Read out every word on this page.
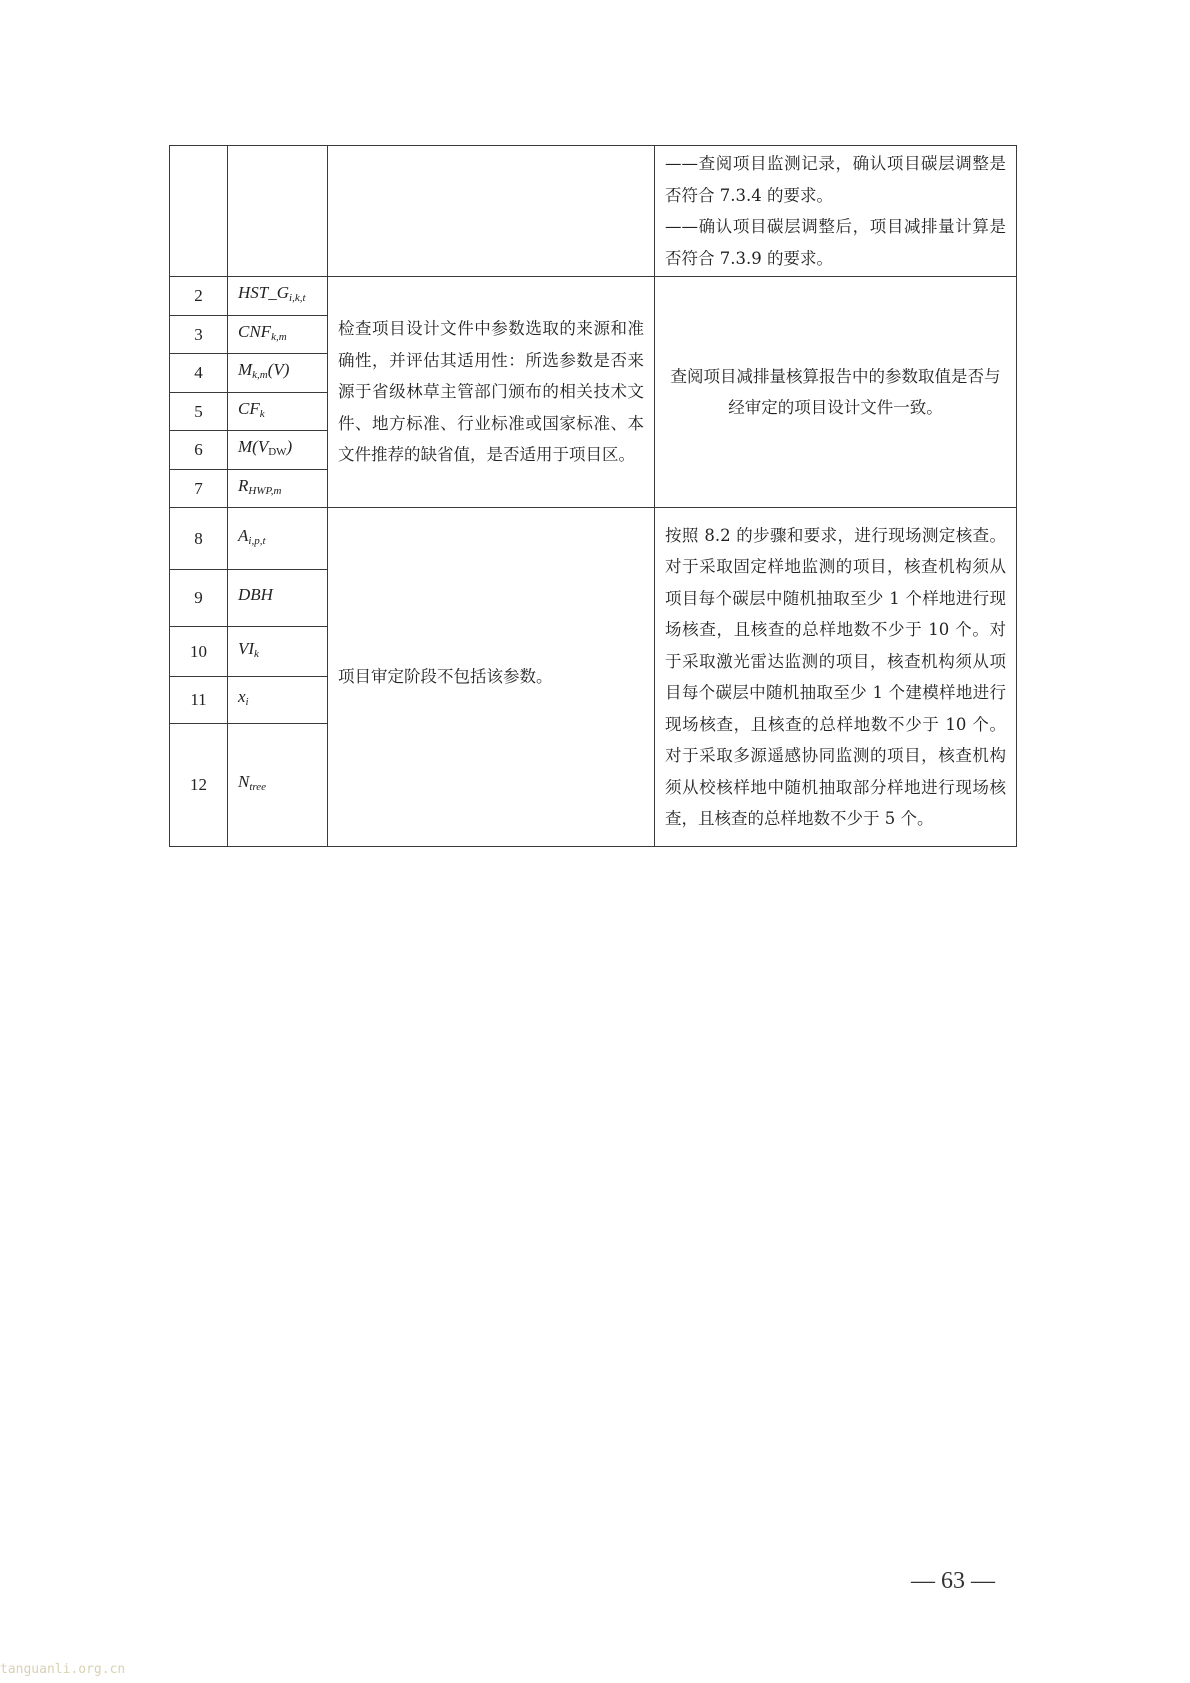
			——查阅项目监测记录，确认项目碳层调整是否符合 7.3.4 的要求。

——确认项目碳层调整后，项目减排量计算是否符合 7.3.9 的要求。

2	$HST\_G_{i,k,t}$	检查项目设计文件中参数选取的来源和准确性，并评估其适用性：所选参数是否来源于省级林草主管部门颁布的相关技术文件、地方标准、行业标准或国家标准、本文件推荐的缺省值，是否适用于项目区。	查阅项目减排量核算报告中的参数取值是否与经审定的项目设计文件一致。
3	$CNF_{k,m}$
4	$M_{k,m}(V)$		
5	$CF_k$
6	$M(V_{DW})$		
7	$R_{HWP,m}$
8	$A_{i,p,t}$	项目审定阶段不包括该参数。	按照 8.2 的步骤和要求，进行现场测定核查。对于采取固定样地监测的项目，核查机构须从项目每个碳层中随机抽取至少 1 个样地进行现场核查，且核查的总样地数不少于 10 个。对于采取激光雷达监测的项目，核查机构须从项目每个碳层中随机抽取至少 1 个建模样地进行现场核查，且核查的总样地数不少于 10 个。对于采取多源遥感协同监测的项目，核查机构须从校核样地中随机抽取部分样地进行现场核查，且核查的总样地数不少于 5 个。
9	DBH		
10	$VI_k$
11	$x_i$
12	$N_{tree}$
— 63 —
tanguanli.org.cn
